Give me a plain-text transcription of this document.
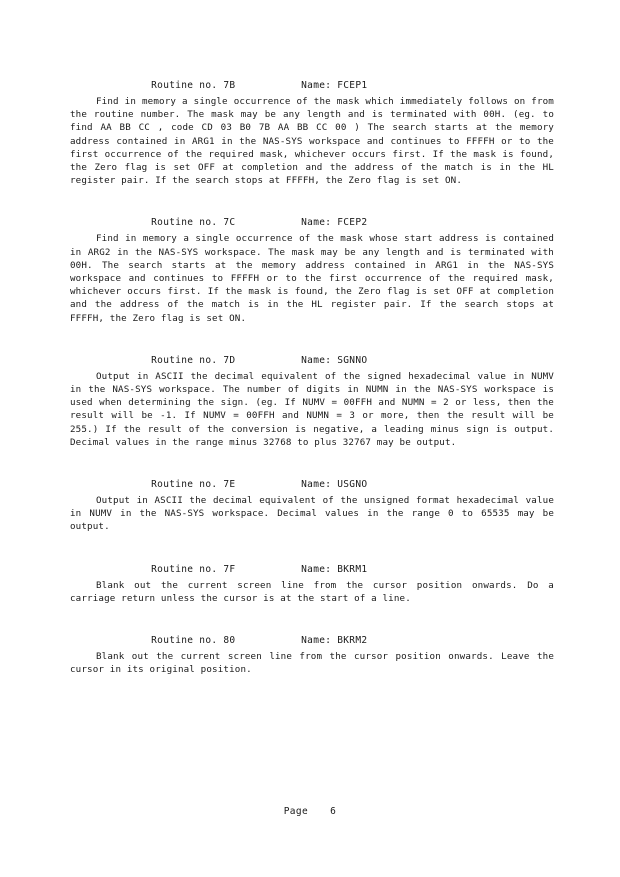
Routine no. 7B	Name: FCEP1

Find in memory a single occurrence of the mask which immediately follows on from the routine number. The mask may be any length and is terminated with 00H. (eg. to find AA BB CC , code CD 03 B0 7B AA BB CC 00 ) The search starts at the memory address contained in ARG1 in the NAS-SYS workspace and continues to FFFFH or to the first occurrence of the required mask, whichever occurs first. If the mask is found, the Zero flag is set OFF at completion and the address of the match is in the HL register pair. If the search stops at FFFFH, the Zero flag is set ON.

Routine no. 7C	Name: FCEP2

Find in memory a single occurrence of the mask whose start address is contained in ARG2 in the NAS-SYS workspace. The mask may be any length and is terminated with 00H. The search starts at the memory address contained in ARG1 in the NAS-SYS workspace and continues to FFFFH or to the first occurrence of the required mask, whichever occurs first. If the mask is found, the Zero flag is set OFF at completion and the address of the match is in the HL register pair. If the search stops at FFFFH, the Zero flag is set ON.

Routine no. 7D	Name: SGNNO

Output in ASCII the decimal equivalent of the signed hexadecimal value in NUMV in the NAS-SYS workspace. The number of digits in NUMN in the NAS-SYS workspace is used when determining the sign. (eg. If NUMV = 00FFH and NUMN = 2 or less, then the result will be -1. If NUMV = 00FFH and NUMN = 3 or more, then the result will be 255.) If the result of the conversion is negative, a leading minus sign is output. Decimal values in the range minus 32768 to plus 32767 may be output.

Routine no. 7E	Name: USGNO

Output in ASCII the decimal equivalent of the unsigned format hexadecimal value in NUMV in the NAS-SYS workspace. Decimal values in the range 0 to 65535 may be output.

Routine no. 7F	Name: BKRM1

Blank out the current screen line from the cursor position onwards. Do a carriage return unless the cursor is at the start of a line.

Routine no. 80	Name: BKRM2

Blank out the current screen line from the cursor position onwards. Leave the cursor in its original position.

Page 6
